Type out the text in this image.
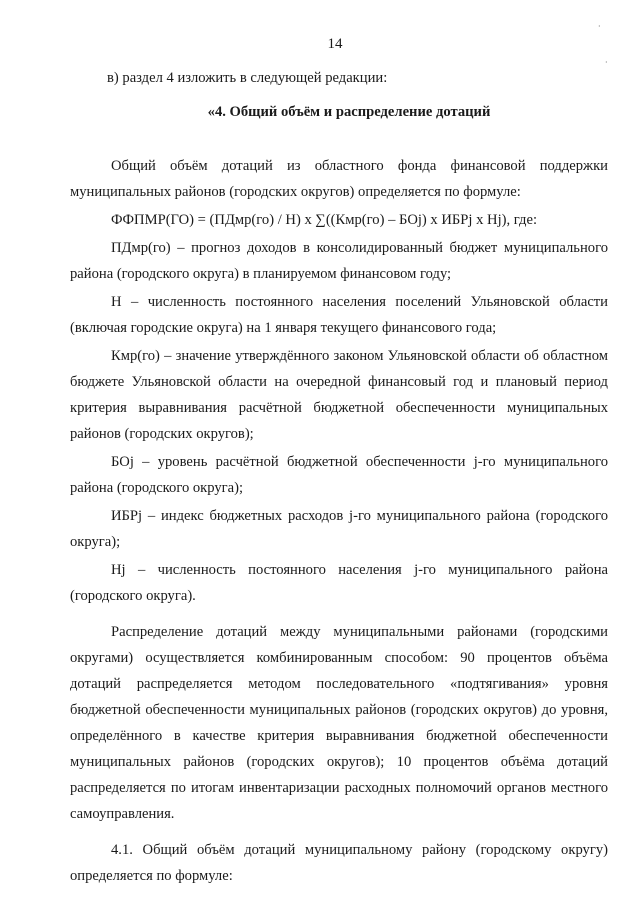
·
·
14

в) раздел 4 изложить в следующей редакции:

«4. Общий объём и распределение дотаций

Общий объём дотаций из областного фонда финансовой поддержки муниципальных районов (городских округов) определяется по формуле:

ФФПМР(ГО) = (ПДмр(го) / Н) x ∑((Кмр(го) – БОj) x ИБРj x Нj), где:

ПДмр(го) – прогноз доходов в консолидированный бюджет муниципального района (городского округа) в планируемом финансовом году;

Н – численность постоянного населения поселений Ульяновской области (включая городские округа) на 1 января текущего финансового года;

Кмр(го) – значение утверждённого законом Ульяновской области об областном бюджете Ульяновской области на очередной финансовый год и плановый период критерия выравнивания расчётной бюджетной обеспеченности муниципальных районов (городских округов);

БОj – уровень расчётной бюджетной обеспеченности j-го муниципального района (городского округа);

ИБРj – индекс бюджетных расходов j-го муниципального района (городского округа);

Нj – численность постоянного населения j-го муниципального района (городского округа).

Распределение дотаций между муниципальными районами (городскими округами) осуществляется комбинированным способом: 90 процентов объёма дотаций распределяется методом последовательного «подтягивания» уровня бюджетной обеспеченности муниципальных районов (городских округов) до уровня, определённого в качестве критерия выравнивания бюджетной обеспеченности муниципальных районов (городских округов); 10 процентов объёма дотаций распределяется по итогам инвентаризации расходных полномочий органов местного самоуправления.

4.1. Общий объём дотаций муниципальному району (городскому округу) определяется по формуле:
